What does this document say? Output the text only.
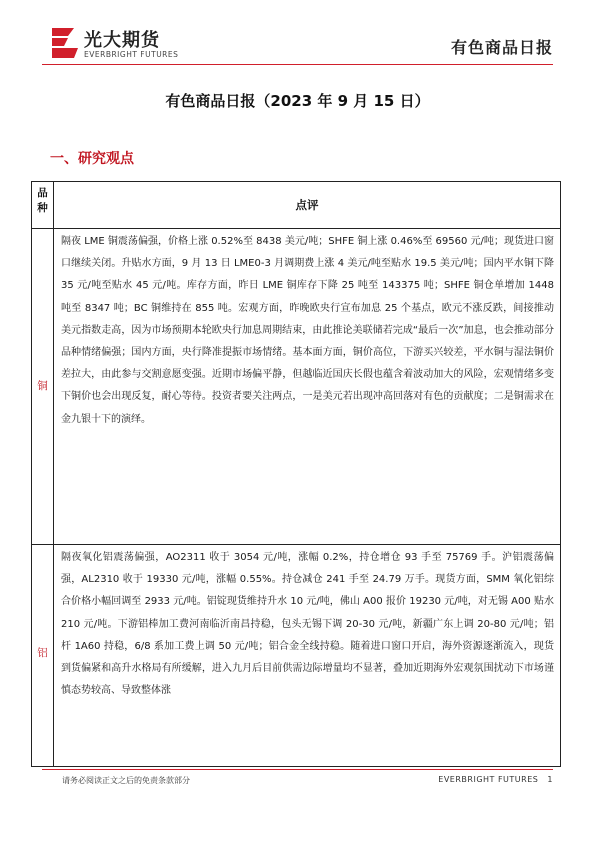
光大期货
EVERBRIGHT FUTURES	有色商品日报
有色商品日报（2023 年 9 月 15 日）
一、研究观点
品
种	点评
铜
隔夜 LME 铜震荡偏强，价格上涨 0.52%至 8438 美元/吨；SHFE 铜上涨 0.46%至 69560 元/吨；现货进口窗口继续关闭。升贴水方面，9 月 13 日 LME0-3 月调期费上涨 4 美元/吨至贴水 19.5 美元/吨；国内平水铜下降 35 元/吨至贴水 45 元/吨。库存方面，昨日 LME 铜库存下降 25 吨至 143375 吨；SHFE 铜仓单增加 1448 吨至 8347 吨；BC 铜维持在 855 吨。宏观方面，昨晚欧央行宣布加息 25 个基点，欧元不涨反跌，间接推动美元指数走高，因为市场预期本轮欧央行加息周期结束，由此推论美联储若完成“最后一次”加息，也会推动部分品种情绪偏强；国内方面，央行降准提振市场情绪。基本面方面，铜价高位，下游买兴较差，平水铜与湿法铜价差拉大，由此参与交割意愿变强。近期市场偏平静，但越临近国庆长假也蕴含着波动加大的风险，宏观情绪多变下铜价也会出现反复，耐心等待。投资者要关注两点，一是美元若出现冲高回落对有色的贡献度；二是铜需求在金九银十下的演绎。
铝
隔夜氧化铝震荡偏强，AO2311 收于 3054 元/吨，涨幅 0.2%，持仓增仓 93 手至 75769 手。沪铝震荡偏强，AL2310 收于 19330 元/吨，涨幅 0.55%。持仓减仓 241 手至 24.79 万手。现货方面，SMM 氧化铝综合价格小幅回调至 2933 元/吨。铝锭现货维持升水 10 元/吨，佛山 A00 报价 19230 元/吨，对无锡 A00 贴水 210 元/吨。下游铝棒加工费河南临沂南昌持稳，包头无锡下调 20-30 元/吨，新疆广东上调 20-80 元/吨；铝杆 1A60 持稳，6/8 系加工费上调 50 元/吨；铝合金全线持稳。随着进口窗口开启，海外资源逐渐流入，现货到货偏紧和高升水格局有所缓解，进入九月后目前供需边际增量均不显著，叠加近期海外宏观氛围扰动下市场谨慎态势较高、导致整体涨
请务必阅读正文之后的免责条款部分	EVERBRIGHT FUTURES 1
